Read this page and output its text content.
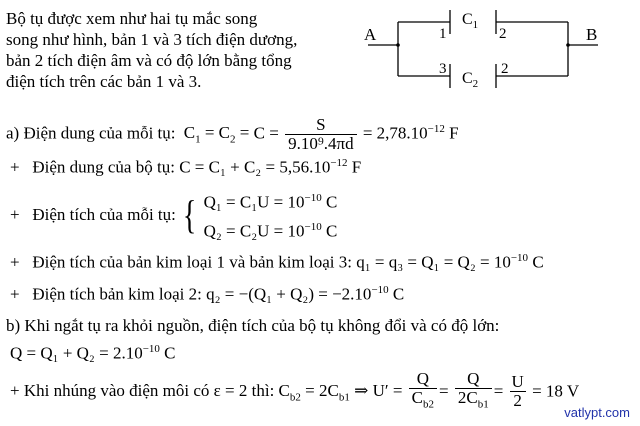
Bộ tụ được xem như hai tụ mắc song
song như hình, bản 1 và 3 tích điện dương,
bản 2 tích điện âm và có độ lớn bằng tổng
điện tích trên các bản 1 và 3.
A	B
1	2
$C_1$
3	2
$C_2$
a) Điện dung của mỗi tụ: $C_1 = C_2 = C = \frac{S}{\text{9.10⁹.4πd}} = 2,78.10^{-12}$ F
+ Điện dung của bộ tụ: $C = C_1 + C_2 = 5,56.10^{-12}$ F
+ Điện tích của mỗi tụ: { $Q_1 = C_1U = 10^{-10}$ C
$Q_2 = C_2U = 10^{-10}$ C
+ Điện tích của bản kim loại 1 và bản kim loại 3: $q_1 = q_3 = Q_1 = Q_2 = 10^{-10}$ C
+ Điện tích bản kim loại 2: $q_2 = -(Q_1 + Q_2) = -2.10^{-10}$ C
b) Khi ngắt tụ ra khỏi nguồn, điện tích của bộ tụ không đổi và có độ lớn:
$Q = Q_1 + Q_2 = 2.10^{-10}$ C
+ Khi nhúng vào điện môi có ε = 2 thì: $C_{b2} = 2C_{b1}$ ⇒ $U' = \frac{Q}{C_{b2}} = \frac{Q}{2C_{b1}} = \frac{U}{2} = 18$ V
vatlypt.com
